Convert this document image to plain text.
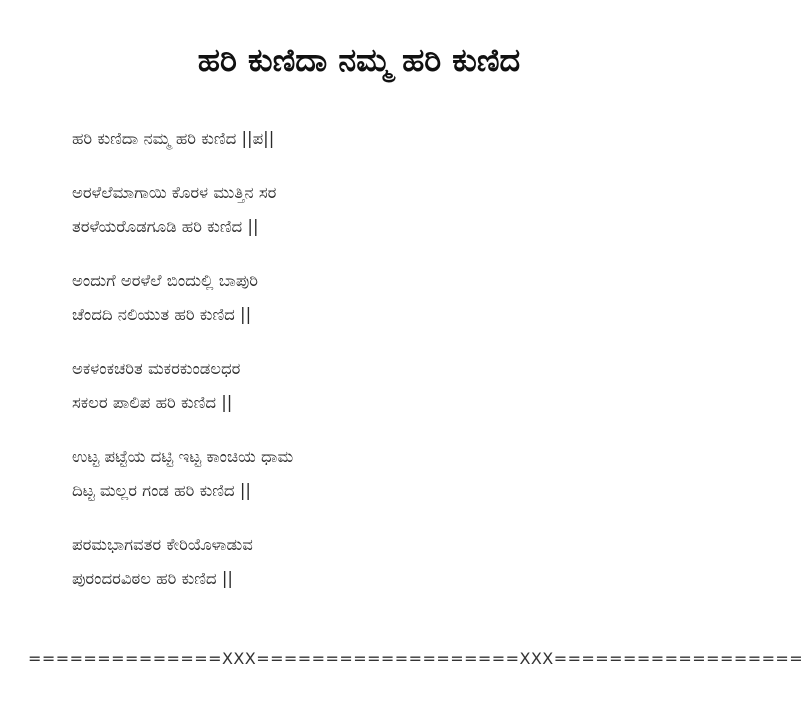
ಹರಿ ಕುಣಿದಾ ನಮ್ಮ ಹರಿ ಕುಣಿದ
ಹರಿ ಕುಣಿದಾ ನಮ್ಮ ಹರಿ ಕುಣಿದ ||ಪ||
ಅರಳೆಲೆಮಾಗಾಯಿ ಕೊರಳ ಮುತ್ತಿನ ಸರ
ತರಳೆಯರೊಡಗೂಡಿ ಹರಿ ಕುಣಿದ ||
ಅಂದುಗೆ ಅರಳೆಲೆ ಬಿಂದುಲ್ಲಿ ಬಾಪುರಿ
ಚೆಂದದಿ ನಲಿಯುತ ಹರಿ ಕುಣಿದ ||
ಅಕಳಂಕಚರಿತ ಮಕರಕುಂಡಲಧರ
ಸಕಲರ ಪಾಲಿಪ ಹರಿ ಕುಣಿದ ||
ಉಟ್ಟ ಪಟ್ಟೆಯ ದಟ್ಟಿ ಇಟ್ಟ ಕಾಂಚಿಯ ಧಾಮ
ದಿಟ್ಟ ಮಲ್ಲರ ಗಂಡ ಹರಿ ಕುಣಿದ ||
ಪರಮಭಾಗವತರ ಕೇರಿಯೊಳಾಡುವ
ಪುರಂದರವಿಠಲ ಹರಿ ಕುಣಿದ ||
==============XXX===================XXX==================
